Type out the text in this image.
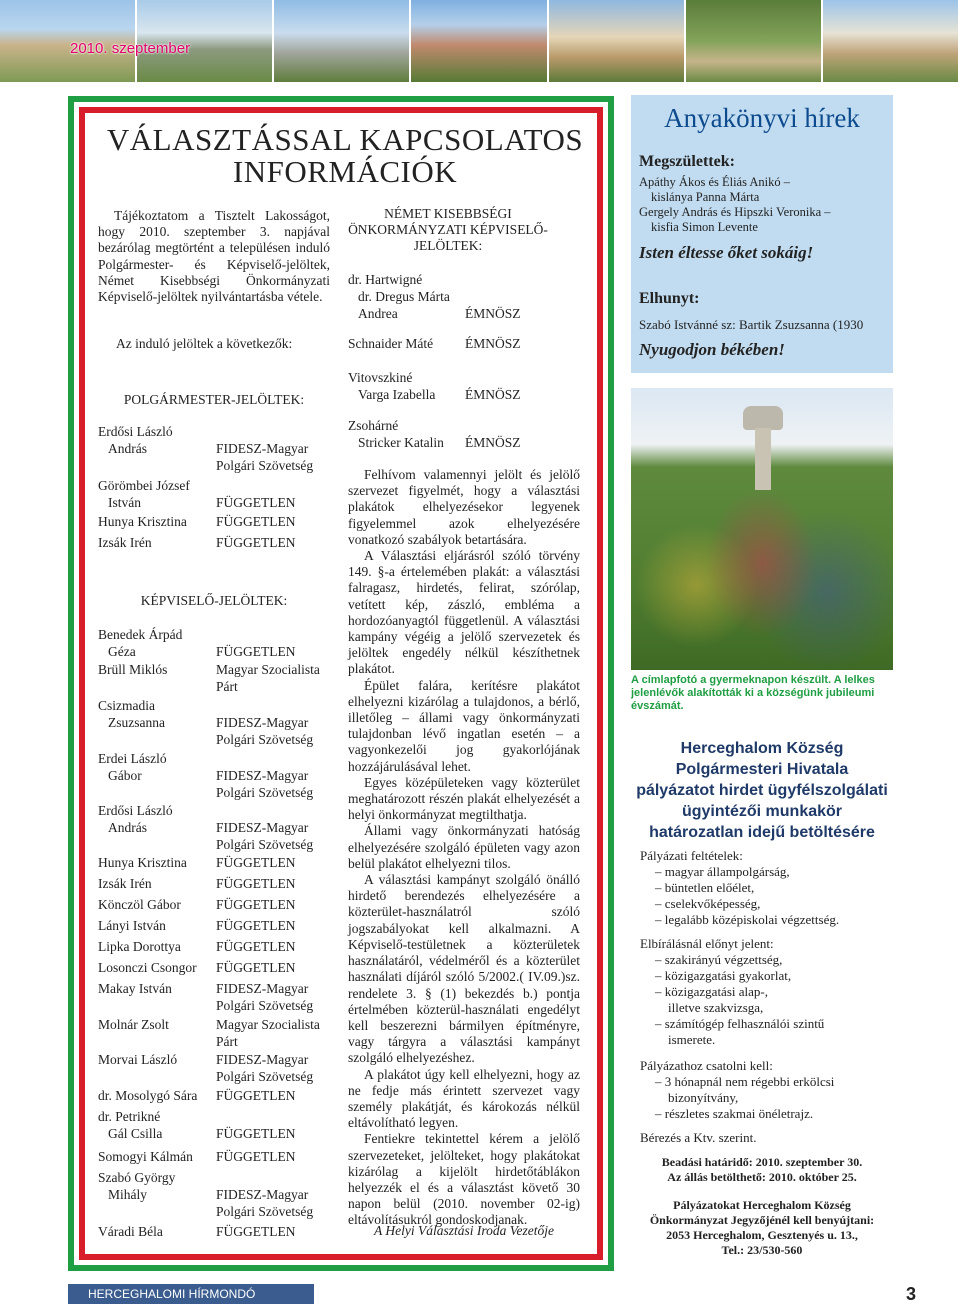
2010. szeptember
VÁLASZTÁSSAL KAPCSOLATOS
INFORMÁCIÓK
Tájékoztatom a Tisztelt Lakosságot, hogy 2010. szeptember 3. napjával bezárólag megtörtént a településen induló Polgármester- és Képviselő-jelöltek, Német Kisebbségi Önkormányzati Képviselő-jelöltek nyilvántartásba vétele.
Az induló jelöltek a következők:
POLGÁRMESTER-JELÖLTEK:
Erdősi László
András	FIDESZ-Magyar
Polgári Szövetség
Görömbei József
István	FÜGGETLEN
Hunya Krisztina	FÜGGETLEN
Izsák Irén	FÜGGETLEN
KÉPVISELŐ-JELÖLTEK:
Benedek Árpád
Géza	FÜGGETLEN
Brüll Miklós	Magyar Szocialista
Párt
Csizmadia
Zsuzsanna	FIDESZ-Magyar
Polgári Szövetség
Erdei László
Gábor	FIDESZ-Magyar
Polgári Szövetség
Erdősi László
András	FIDESZ-Magyar
Polgári Szövetség
Hunya Krisztina	FÜGGETLEN
Izsák Irén	FÜGGETLEN
Könczöl Gábor	FÜGGETLEN
Lányi István	FÜGGETLEN
Lipka Dorottya	FÜGGETLEN
Losonczi Csongor	FÜGGETLEN
Makay István	FIDESZ-Magyar
Polgári Szövetség
Molnár Zsolt	Magyar Szocialista
Párt
Morvai László	FIDESZ-Magyar
Polgári Szövetség
dr. Mosolygó Sára	FÜGGETLEN
dr. Petrikné
Gál Csilla	FÜGGETLEN
Somogyi Kálmán	FÜGGETLEN
Szabó György
Mihály	FIDESZ-Magyar
Polgári Szövetség
Váradi Béla	FÜGGETLEN
NÉMET KISEBBSÉGI ÖNKORMÁNYZATI KÉPVISELŐ-JELÖLTEK:
dr. Hartwigné
dr. Dregus Márta
Andrea	ÉMNÖSZ
Schnaider Máté	ÉMNÖSZ
Vitovszkiné
Varga Izabella	ÉMNÖSZ
Zsohárné
Stricker Katalin	ÉMNÖSZ

Felhívom valamennyi jelölt és jelölő szervezet figyelmét, hogy a választási plakátok elhelyezésekor legyenek figyelemmel azok elhelyezésére vonatkozó szabályok betartására.

A Választási eljárásról szóló törvény 149. §-a értelemében plakát: a választási falragasz, hirdetés, felirat, szórólap, vetített kép, zászló, embléma a hordozóanyagtól függetlenül. A választási kampány végéig a jelölő szervezetek és jelöltek engedély nélkül készíthetnek plakátot.

Épület falára, kerítésre plakátot elhelyezni kizárólag a tulajdonos, a bérlő, illetőleg – állami vagy önkormányzati tulajdonban lévő ingatlan esetén – a vagyonkezelői jog gyakorlójának hozzájárulásával lehet.

Egyes középületeken vagy közterület meghatározott részén plakát elhelyezését a helyi önkormányzat megtilthatja.

Állami vagy önkormányzati hatóság elhelyezésére szolgáló épületen vagy azon belül plakátot elhelyezni tilos.

A választási kampányt szolgáló önálló hirdető berendezés elhelyezésére a közterület-használatról szóló jogszabályokat kell alkalmazni. A Képviselő-testületnek a közterületek használatáról, védelméről és a közterület használati díjáról szóló 5/2002.( IV.09.)sz. rendelete 3. § (1) bekezdés b.) pontja értelmében közterül-használati engedélyt kell beszerezni bármilyen építményre, vagy tárgyra a választási kampányt szolgáló elhelyezéshez.

A plakátot úgy kell elhelyezni, hogy az ne fedje más érintett szervezet vagy személy plakátját, és károkozás nélkül eltávolítható legyen.

Fentiekre tekintettel kérem a jelölő szervezeteket, jelölteket, hogy plakátokat kizárólag a kijelölt hirdetőtáblákon helyezzék el és a választást követő 30 napon belül (2010. november 02-ig) eltávolításukról gondoskodjanak.

A Helyi Választási Iroda Vezetője
Anyakönyvi hírek
Megszülettek:
Apáthy Ákos és Éliás Anikó –
kislánya Panna Márta
Gergely András és Hipszki Veronika –
kisfia Simon Levente
Isten éltesse őket sokáig!
Elhunyt:
Szabó Istvánné sz: Bartik Zsuzsanna (1930
Nyugodjon békében!
A címlapfotó a gyermeknapon készült. A lelkes jelenlévők alakították ki a községünk jubileumi évszámát.
Herceghalom Község
Polgármesteri Hivatala
pályázatot hirdet ügyfélszolgálati
ügyintézői munkakör
határozatlan idejű betöltésére
Pályázati feltételek:
– magyar állampolgárság,
– büntetlen előélet,
– cselekvőképesség,
– legalább középiskolai végzettség.
Elbírálásnál előnyt jelent:
– szakirányú végzettség,
– közigazgatási gyakorlat,
– közigazgatási alap-,
illetve szakvizsga,
– számítógép felhasználói szintű
ismerete.
Pályázathoz csatolni kell:
– 3 hónapnál nem régebbi erkölcsi
bizonyítvány,
– részletes szakmai önéletrajz.
Bérezés a Ktv. szerint.
Beadási határidő: 2010. szeptember 30.
Az állás betölthető: 2010. október 25.
Pályázatokat Herceghalom Község
Önkormányzat Jegyzőjénél kell benyújtani:
2053 Herceghalom, Gesztenyés u. 13.,
Tel.: 23/530-560
HERCEGHALOMI HÍRMONDÓ	3
